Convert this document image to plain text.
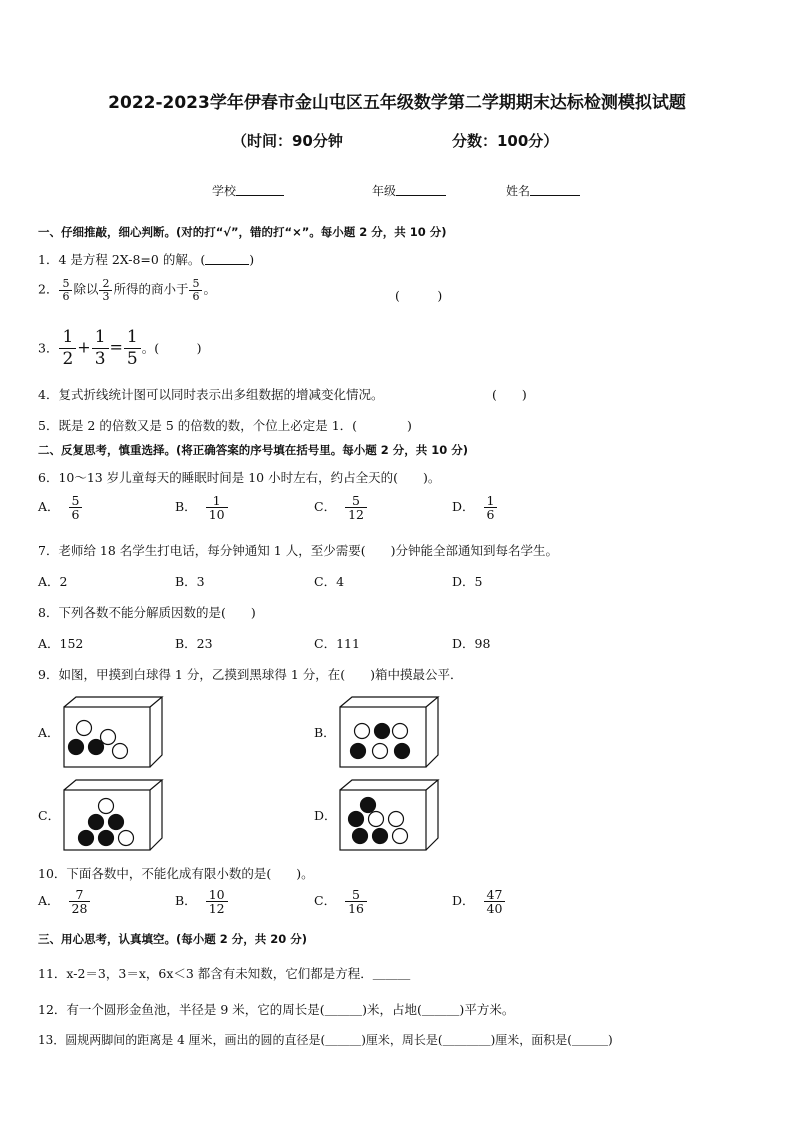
2022-2023学年伊春市金山屯区五年级数学第二学期期末达标检测模拟试题
（时间：90分钟	分数：100分）
学校	年级	姓名
一、仔细推敲，细心判断。(对的打“√”，错的打“×”。每小题 2 分，共 10 分)
1．4 是方程 2X-8=0 的解。(	)
2． $\frac{5}{6}$ 除以 $\frac{2}{3}$ 所得的商小于 $\frac{5}{6}$ 。	(　　　)
3． $\frac{1}{2} + \frac{1}{3} = \frac{1}{5}$ 。(　　　)
4．复式折线统计图可以同时表示出多组数据的增减变化情况。	(　　)
5．既是 2 的倍数又是 5 的倍数的数，个位上必定是 1．(　　　　)
二、反复思考，慎重选择。(将正确答案的序号填在括号里。每小题 2 分，共 10 分)
6．10～13 岁儿童每天的睡眠时间是 10 小时左右，约占全天的(　　)。
A． $\frac{5}{6}$	B． $\frac{1}{10}$	C． $\frac{5}{12}$	D． $\frac{1}{6}$
7．老师给 18 名学生打电话，每分钟通知 1 人，至少需要(　　)分钟能全部通知到每名学生。
A．2	B．3	C．4	D．5
8．下列各数不能分解质因数的是(　　)
A．152	B．23	C．111	D．98
9．如图，甲摸到白球得 1 分，乙摸到黑球得 1 分，在(　　)箱中摸最公平．
A．	B．
C．	D．
10．下面各数中，不能化成有限小数的是(　　)。
A． $\frac{7}{28}$	B． $\frac{10}{12}$	C． $\frac{5}{16}$	D． $\frac{47}{40}$
三、用心思考，认真填空。(每小题 2 分，共 20 分)
11．x-2＝3，3＝x，6x＜3 都含有未知数，它们都是方程．＿＿＿
12．有一个圆形金鱼池，半径是 9 米，它的周长是(＿＿＿)米，占地(＿＿＿)平方米。
13．圆规两脚间的距离是 4 厘米，画出的圆的直径是(＿＿＿)厘米，周长是(＿＿＿＿)厘米，面积是(＿＿＿)
